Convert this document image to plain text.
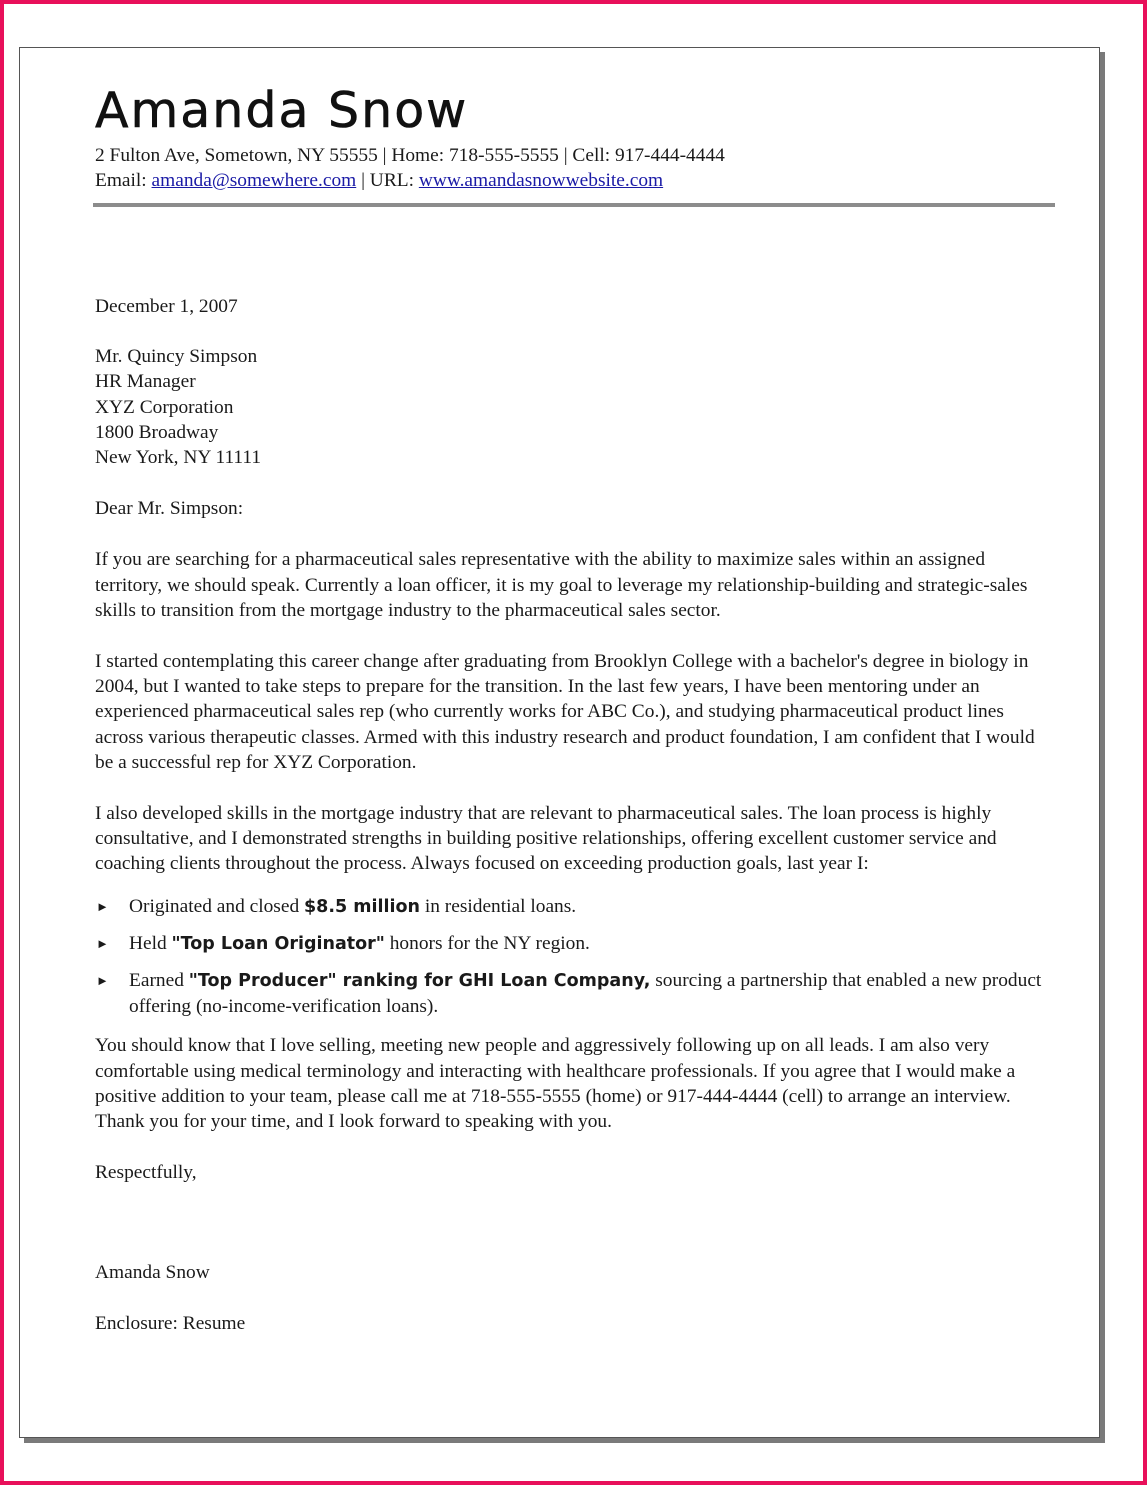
Amanda Snow
2 Fulton Ave, Sometown, NY 55555 | Home: 718-555-5555 | Cell: 917-444-4444
Email: amanda@somewhere.com | URL: www.amandasnowwebsite.com
December 1, 2007
Mr. Quincy Simpson
HR Manager
XYZ Corporation
1800 Broadway
New York, NY 11111
Dear Mr. Simpson:

If you are searching for a pharmaceutical sales representative with the ability to maximize sales within an assigned territory, we should speak. Currently a loan officer, it is my goal to leverage my relationship-building and strategic-sales skills to transition from the mortgage industry to the pharmaceutical sales sector.

I started contemplating this career change after graduating from Brooklyn College with a bachelor's degree in biology in 2004, but I wanted to take steps to prepare for the transition. In the last few years, I have been mentoring under an experienced pharmaceutical sales rep (who currently works for ABC Co.), and studying pharmaceutical product lines across various therapeutic classes. Armed with this industry research and product foundation, I am confident that I would be a successful rep for XYZ Corporation.

I also developed skills in the mortgage industry that are relevant to pharmaceutical sales. The loan process is highly consultative, and I demonstrated strengths in building positive relationships, offering excellent customer service and coaching clients throughout the process. Always focused on exceeding production goals, last year I:

► Originated and closed $8.5 million in residential loans.
► Held "Top Loan Originator" honors for the NY region.
► Earned "Top Producer" ranking for GHI Loan Company, sourcing a partnership that enabled a new product offering (no-income-verification loans).

You should know that I love selling, meeting new people and aggressively following up on all leads. I am also very comfortable using medical terminology and interacting with healthcare professionals. If you agree that I would make a positive addition to your team, please call me at 718-555-5555 (home) or 917-444-4444 (cell) to arrange an interview. Thank you for your time, and I look forward to speaking with you.

Respectfully,
Amanda Snow
Enclosure: Resume
